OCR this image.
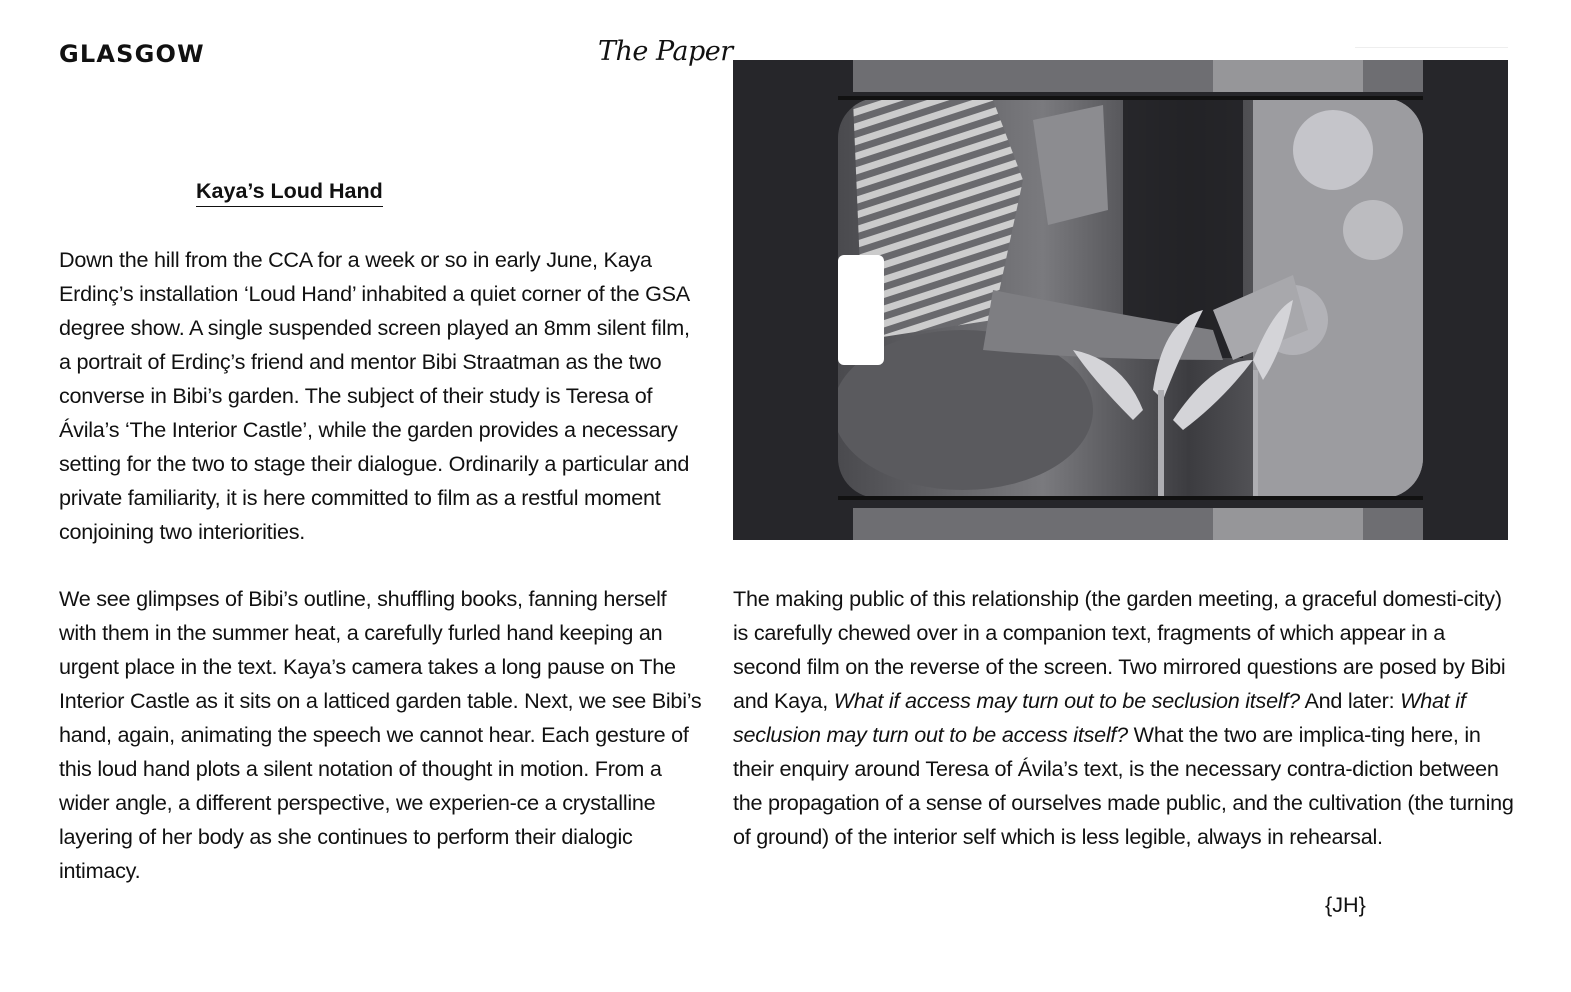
GLASGOW	The Paper
Kaya’s Loud Hand

Down the hill from the CCA for a week or so in early June, Kaya Erdinç’s installation ‘Loud Hand’ inhabited a quiet corner of the GSA degree show. A single suspended screen played an 8mm silent film, a portrait of Erdinç’s friend and mentor Bibi Straatman as the two converse in Bibi’s garden. The subject of their study is Teresa of Ávila’s ‘The Interior Castle’, while the garden provides a necessary setting for the two to stage their dialogue. Ordinarily a particular and private familiarity, it is here committed to film as a restful moment conjoining two interiorities.

We see glimpses of Bibi’s outline, shuffling books, fanning herself with them in the summer heat, a carefully furled hand keeping an urgent place in the text. Kaya’s camera takes a long pause on The Interior Castle as it sits on a latticed garden table. Next, we see Bibi’s hand, again, animating the speech we cannot hear. Each gesture of this loud hand plots a silent notation of thought in motion. From a wider angle, a different perspective, we experien-ce a crystalline layering of her body as she continues to perform their dialogic intimacy.

The making public of this relationship (the garden meeting, a graceful domesti-city) is carefully chewed over in a companion text, fragments of which appear in a second film on the reverse of the screen. Two mirrored questions are posed by Bibi and Kaya, What if access may turn out to be seclusion itself? And later: What if seclusion may turn out to be access itself? What the two are implica-ting here, in their enquiry around Teresa of Ávila’s text, is the necessary contra-diction between the propagation of a sense of ourselves made public, and the cultivation (the turning of ground) of the interior self which is less legible, always in rehearsal.

{JH}
